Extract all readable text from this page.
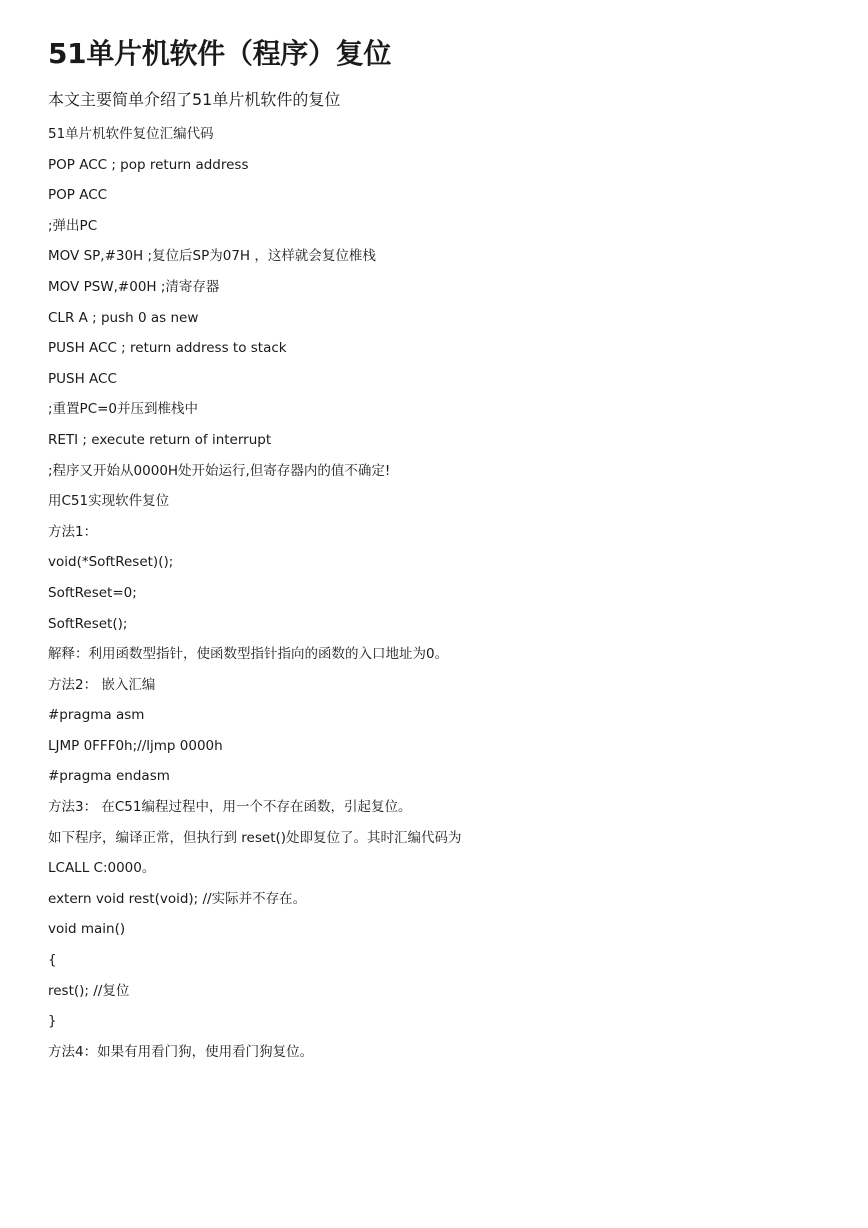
51单片机软件（程序）复位
本文主要简单介绍了51单片机软件的复位
51单片机软件复位汇编代码
POP ACC ; pop return address
POP ACC
;弹出PC
MOV SP,#30H ;复位后SP为07H ，这样就会复位椎栈
MOV PSW,#00H ;清寄存器
CLR A ; push 0 as new
PUSH ACC ; return address to stack
PUSH ACC
;重置PC=0并压到椎栈中
RETI ; execute return of interrupt
;程序又开始从0000H处开始运行,但寄存器内的值不确定!
用C51实现软件复位
方法1：
void(*SoftReset)();
SoftReset=0;
SoftReset();
解释：利用函数型指针，使函数型指针指向的函数的入口地址为0。
方法2： 嵌入汇编
#pragma asm
LJMP 0FFF0h;//ljmp 0000h
#pragma endasm
方法3： 在C51编程过程中，用一个不存在函数，引起复位。
如下程序，编译正常，但执行到 reset()处即复位了。其时汇编代码为
LCALL C:0000。
extern void rest(void); //实际并不存在。
void main()
{
rest(); //复位
}
方法4：如果有用看门狗，使用看门狗复位。
